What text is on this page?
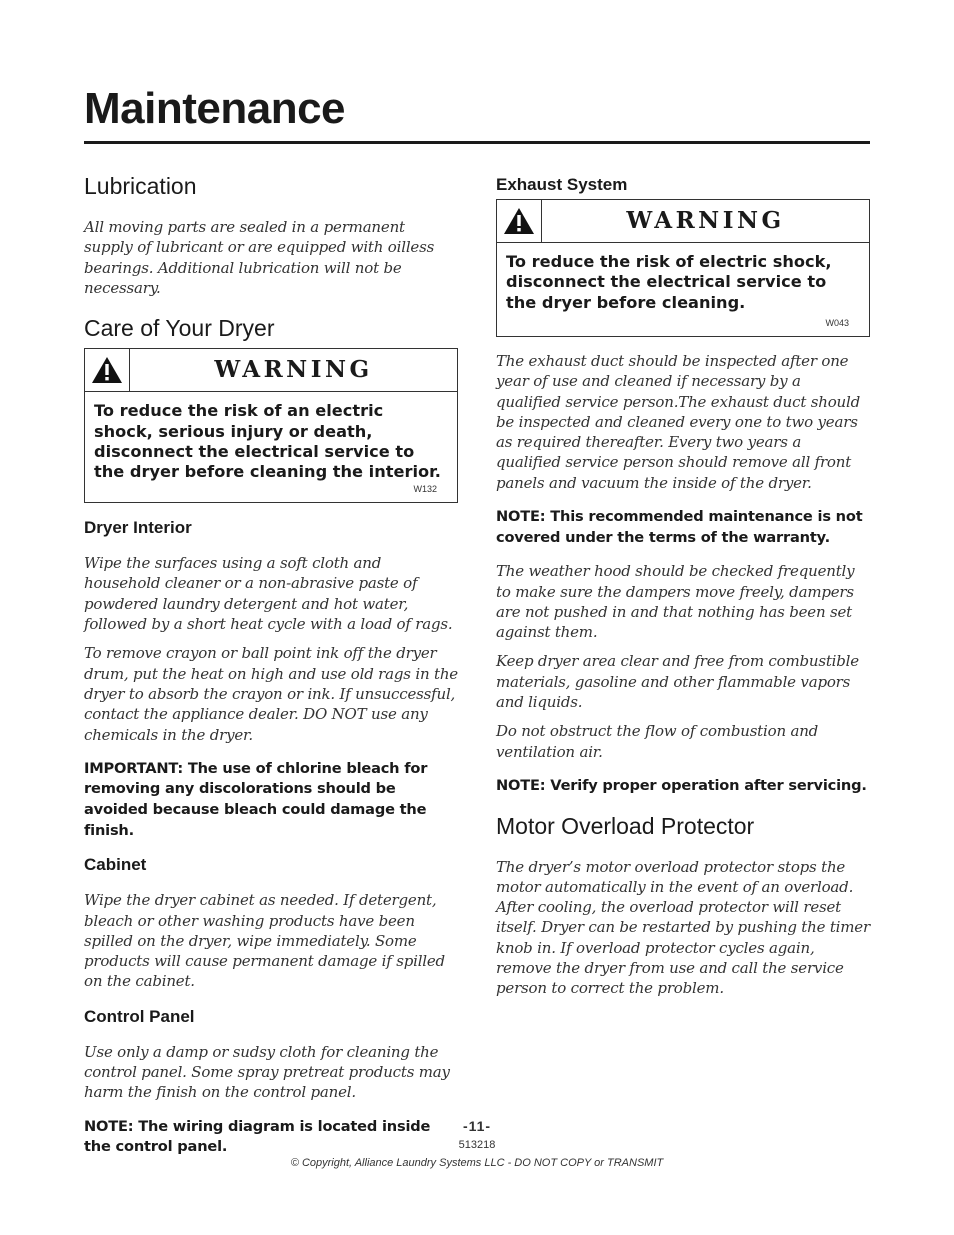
Maintenance
Lubrication

All moving parts are sealed in a permanent supply of lubricant or are equipped with oilless bearings. Additional lubrication will not be necessary.

Care of Your Dryer
WARNING
To reduce the risk of an electric shock, serious injury or death, disconnect the electrical service to the dryer before cleaning the interior.
W132
Dryer Interior

Wipe the surfaces using a soft cloth and household cleaner or a non-abrasive paste of powdered laundry detergent and hot water, followed by a short heat cycle with a load of rags.

To remove crayon or ball point ink off the dryer drum, put the heat on high and use old rags in the dryer to absorb the crayon or ink. If unsuccessful, contact the appliance dealer. DO NOT use any chemicals in the dryer.

IMPORTANT: The use of chlorine bleach for removing any discolorations should be avoided because bleach could damage the finish.
Cabinet

Wipe the dryer cabinet as needed. If detergent, bleach or other washing products have been spilled on the dryer, wipe immediately. Some products will cause permanent damage if spilled on the cabinet.

Control Panel

Use only a damp or sudsy cloth for cleaning the control panel. Some spray pretreat products may harm the finish on the control panel.

NOTE: The wiring diagram is located inside the control panel.
Exhaust System
WARNING
To reduce the risk of electric shock, disconnect the electrical service to the dryer before cleaning.
W043

The exhaust duct should be inspected after one year of use and cleaned if necessary by a qualified service person.The exhaust duct should be inspected and cleaned every one to two years as required thereafter. Every two years a qualified service person should remove all front panels and vacuum the inside of the dryer.

NOTE: This recommended maintenance is not covered under the terms of the warranty.

The weather hood should be checked frequently to make sure the dampers move freely, dampers are not pushed in and that nothing has been set against them.

Keep dryer area clear and free from combustible materials, gasoline and other flammable vapors and liquids.

Do not obstruct the flow of combustion and ventilation air.

NOTE: Verify proper operation after servicing.
Motor Overload Protector

The dryer’s motor overload protector stops the motor automatically in the event of an overload. After cooling, the overload protector will reset itself. Dryer can be restarted by pushing the timer knob in. If overload protector cycles again, remove the dryer from use and call the service person to correct the problem.

-11-
513218
© Copyright, Alliance Laundry Systems LLC - DO NOT COPY or TRANSMIT
